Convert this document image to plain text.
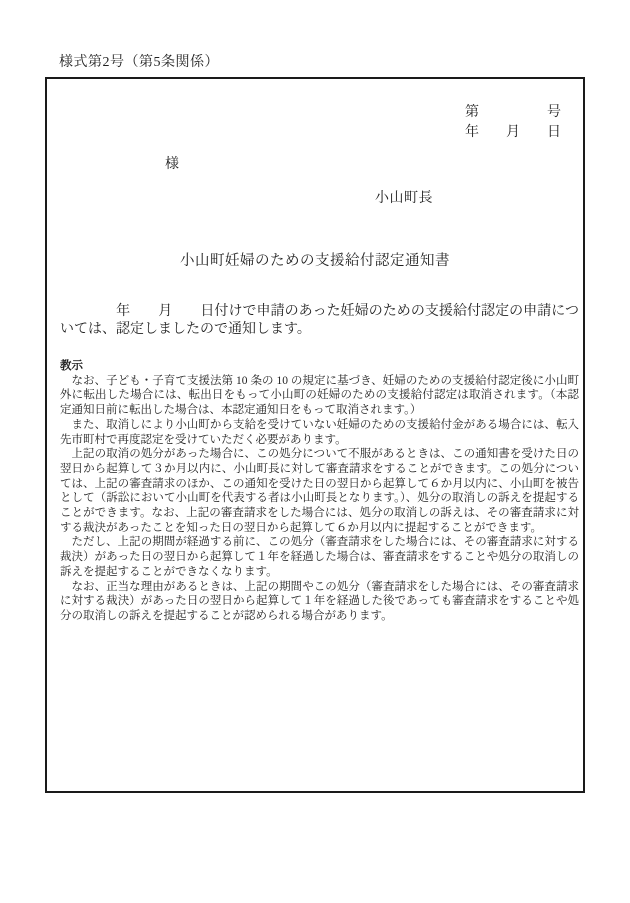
様式第2号（第5条関係）
第	号
年 月 日
様
小山町長
小山町妊婦のための支援給付認定通知書
　　　　年　　月　　日付けで申請のあった妊婦のための支援給付認定の申請については、認定しましたので通知します。
教示

なお、子ども・子育て支援法第 10 条の 10 の規定に基づき、妊婦のための支援給付認定後に小山町外に転出した場合には、転出日をもって小山町の妊婦のための支援給付認定は取消されます。（本認定通知日前に転出した場合は、本認定通知日をもって取消されます。）

また、取消しにより小山町から支給を受けていない妊婦のための支援給付金がある場合には、転入先市町村で再度認定を受けていただく必要があります。

上記の取消の処分があった場合に、この処分について不服があるときは、この通知書を受けた日の翌日から起算して３か月以内に、小山町長に対して審査請求をすることができます。この処分については、上記の審査請求のほか、この通知を受けた日の翌日から起算して６か月以内に、小山町を被告として（訴訟において小山町を代表する者は小山町長となります。）、処分の取消しの訴えを提起することができます。なお、上記の審査請求をした場合には、処分の取消しの訴えは、その審査請求に対する裁決があったことを知った日の翌日から起算して６か月以内に提起することができます。

ただし、上記の期間が経過する前に、この処分（審査請求をした場合には、その審査請求に対する裁決）があった日の翌日から起算して１年を経過した場合は、審査請求をすることや処分の取消しの訴えを提起することができなくなります。

なお、正当な理由があるときは、上記の期間やこの処分（審査請求をした場合には、その審査請求に対する裁決）があった日の翌日から起算して１年を経過した後であっても審査請求をすることや処分の取消しの訴えを提起することが認められる場合があります。
